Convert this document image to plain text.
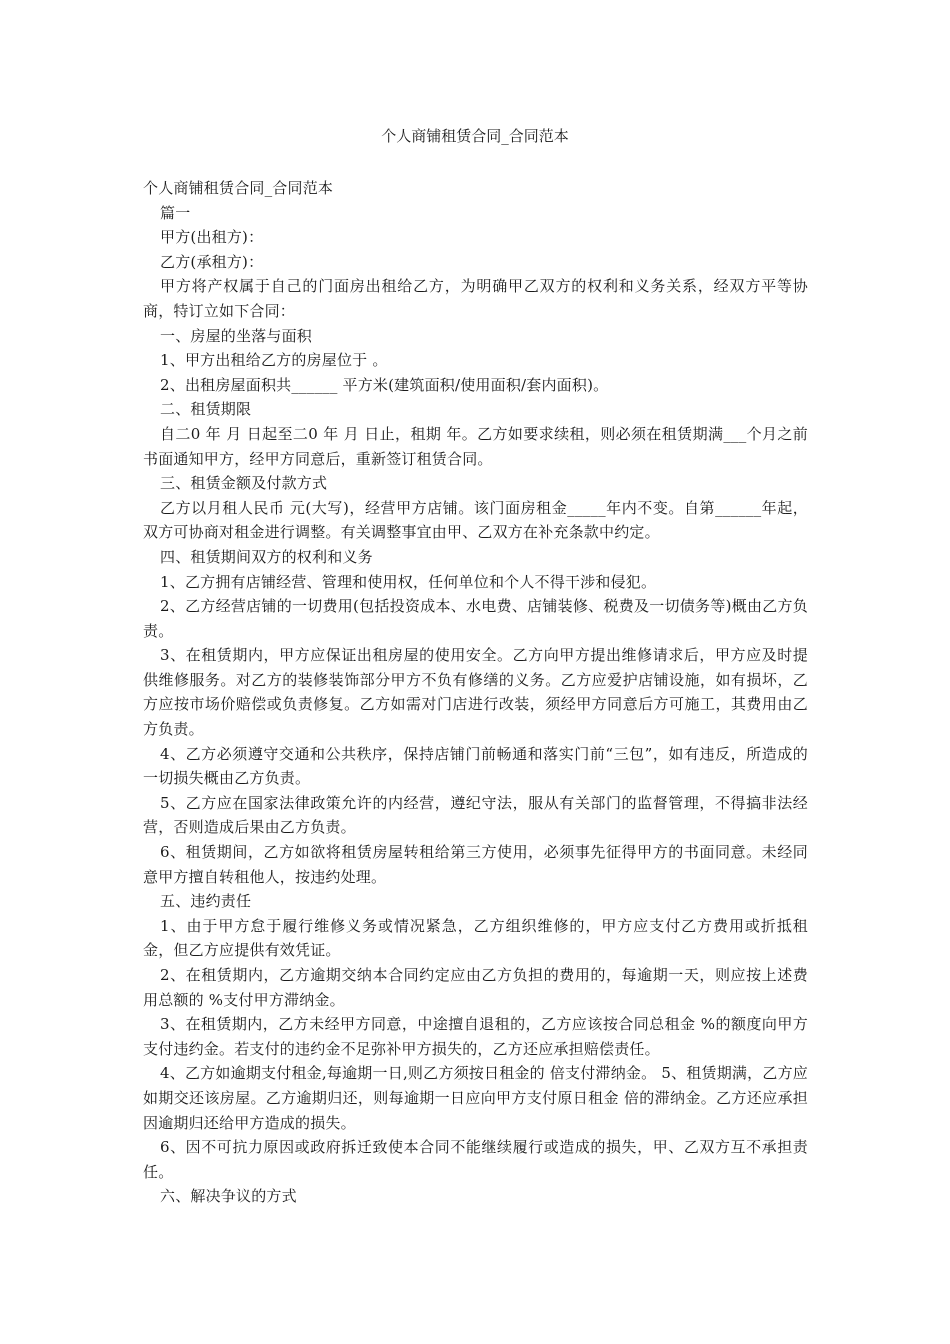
个人商铺租赁合同_合同范本

个人商铺租赁合同_合同范本

篇一

甲方(出租方)：

乙方(承租方)：

甲方将产权属于自己的门面房出租给乙方，为明确甲乙双方的权利和义务关系，经双方平等协商，特订立如下合同：

一、房屋的坐落与面积

1、甲方出租给乙方的房屋位于 。

2、出租房屋面积共______ 平方米(建筑面积/使用面积/套内面积)。

二、租赁期限

自二0 年 月 日起至二0 年 月 日止，租期 年。乙方如要求续租，则必须在租赁期满___个月之前书面通知甲方，经甲方同意后，重新签订租赁合同。

三、租赁金额及付款方式

乙方以月租人民币 元(大写)，经营甲方店铺。该门面房租金_____年内不变。自第______年起，双方可协商对租金进行调整。有关调整事宜由甲、乙双方在补充条款中约定。

四、租赁期间双方的权利和义务

1、乙方拥有店铺经营、管理和使用权，任何单位和个人不得干涉和侵犯。

2、乙方经营店铺的一切费用(包括投资成本、水电费、店铺装修、税费及一切债务等)概由乙方负责。

3、在租赁期内，甲方应保证出租房屋的使用安全。乙方向甲方提出维修请求后，甲方应及时提供维修服务。对乙方的装修装饰部分甲方不负有修缮的义务。乙方应爱护店铺设施，如有损坏，乙方应按市场价赔偿或负责修复。乙方如需对门店进行改装，须经甲方同意后方可施工，其费用由乙方负责。

4、乙方必须遵守交通和公共秩序，保持店铺门前畅通和落实门前“三包”，如有违反，所造成的一切损失概由乙方负责。

5、乙方应在国家法律政策允许的内经营，遵纪守法，服从有关部门的监督管理，不得搞非法经营，否则造成后果由乙方负责。

6、租赁期间，乙方如欲将租赁房屋转租给第三方使用，必须事先征得甲方的书面同意。未经同意甲方擅自转租他人，按违约处理。

五、违约责任

1、由于甲方怠于履行维修义务或情况紧急，乙方组织维修的，甲方应支付乙方费用或折抵租金，但乙方应提供有效凭证。

2、在租赁期内，乙方逾期交纳本合同约定应由乙方负担的费用的，每逾期一天，则应按上述费用总额的 %支付甲方滞纳金。

3、在租赁期内，乙方未经甲方同意，中途擅自退租的，乙方应该按合同总租金 %的额度向甲方支付违约金。若支付的违约金不足弥补甲方损失的，乙方还应承担赔偿责任。

4、乙方如逾期支付租金,每逾期一日,则乙方须按日租金的 倍支付滞纳金。 5、租赁期满，乙方应如期交还该房屋。乙方逾期归还，则每逾期一日应向甲方支付原日租金 倍的滞纳金。乙方还应承担因逾期归还给甲方造成的损失。

6、因不可抗力原因或政府拆迁致使本合同不能继续履行或造成的损失，甲、乙双方互不承担责任。

六、解决争议的方式
